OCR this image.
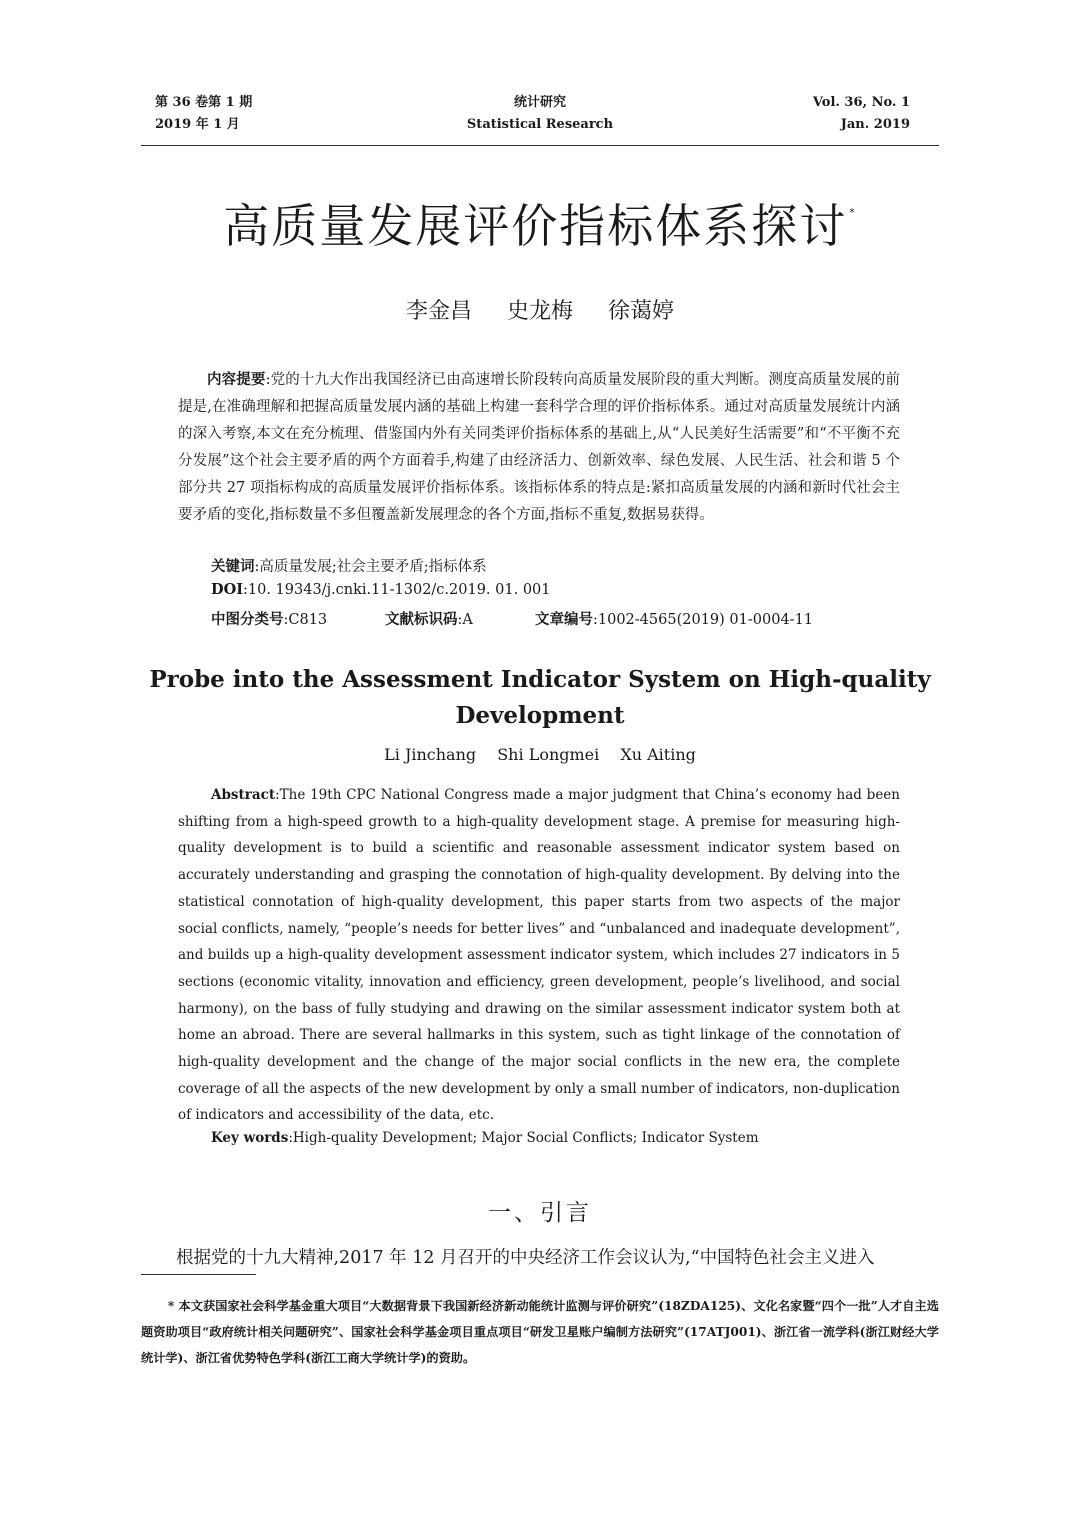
第 36 卷第 1 期
2019 年 1 月
统计研究
Statistical Research
Vol. 36, No. 1
Jan. 2019
高质量发展评价指标体系探讨 *
李金昌 史龙梅 徐蔼婷
内容提要:党的十九大作出我国经济已由高速增长阶段转向高质量发展阶段的重大判断。测度高质量发展的前提是,在准确理解和把握高质量发展内涵的基础上构建一套科学合理的评价指标体系。通过对高质量发展统计内涵的深入考察,本文在充分梳理、借鉴国内外有关同类评价指标体系的基础上,从“人民美好生活需要”和“不平衡不充分发展”这个社会主要矛盾的两个方面着手,构建了由经济活力、创新效率、绿色发展、人民生活、社会和谐 5 个部分共 27 项指标构成的高质量发展评价指标体系。该指标体系的特点是:紧扣高质量发展的内涵和新时代社会主要矛盾的变化,指标数量不多但覆盖新发展理念的各个方面,指标不重复,数据易获得。
关键词:高质量发展;社会主要矛盾;指标体系
DOI:10. 19343/j.cnki.11-1302/c.2019. 01. 001
中图分类号:C813	文献标识码:A	文章编号:1002-4565(2019) 01-0004-11
Probe into the Assessment Indicator System on High-quality
Development
Li Jinchang Shi Longmei Xu Aiting
Abstract:The 19th CPC National Congress made a major judgment that China’s economy had been shifting from a high-speed growth to a high-quality development stage. A premise for measuring high-quality development is to build a scientific and reasonable assessment indicator system based on accurately understanding and grasping the connotation of high-quality development. By delving into the statistical connotation of high-quality development, this paper starts from two aspects of the major social conflicts, namely, “people’s needs for better lives” and “unbalanced and inadequate development”, and builds up a high-quality development assessment indicator system, which includes 27 indicators in 5 sections (economic vitality, innovation and efficiency, green development, people’s livelihood, and social harmony), on the bass of fully studying and drawing on the similar assessment indicator system both at home an abroad. There are several hallmarks in this system, such as tight linkage of the connotation of high-quality development and the change of the major social conflicts in the new era, the complete coverage of all the aspects of the new development by only a small number of indicators, non-duplication of indicators and accessibility of the data, etc.
Key words:High-quality Development; Major Social Conflicts; Indicator System
一、引言
根据党的十九大精神,2017 年 12 月召开的中央经济工作会议认为,“中国特色社会主义进入
* 本文获国家社会科学基金重大项目“大数据背景下我国新经济新动能统计监测与评价研究”(18ZDA125)、文化名家暨“四个一批”人才自主选题资助项目“政府统计相关问题研究”、国家社会科学基金项目重点项目“研发卫星账户编制方法研究”(17ATJ001)、浙江省一流学科(浙江财经大学统计学)、浙江省优势特色学科(浙江工商大学统计学)的资助。
